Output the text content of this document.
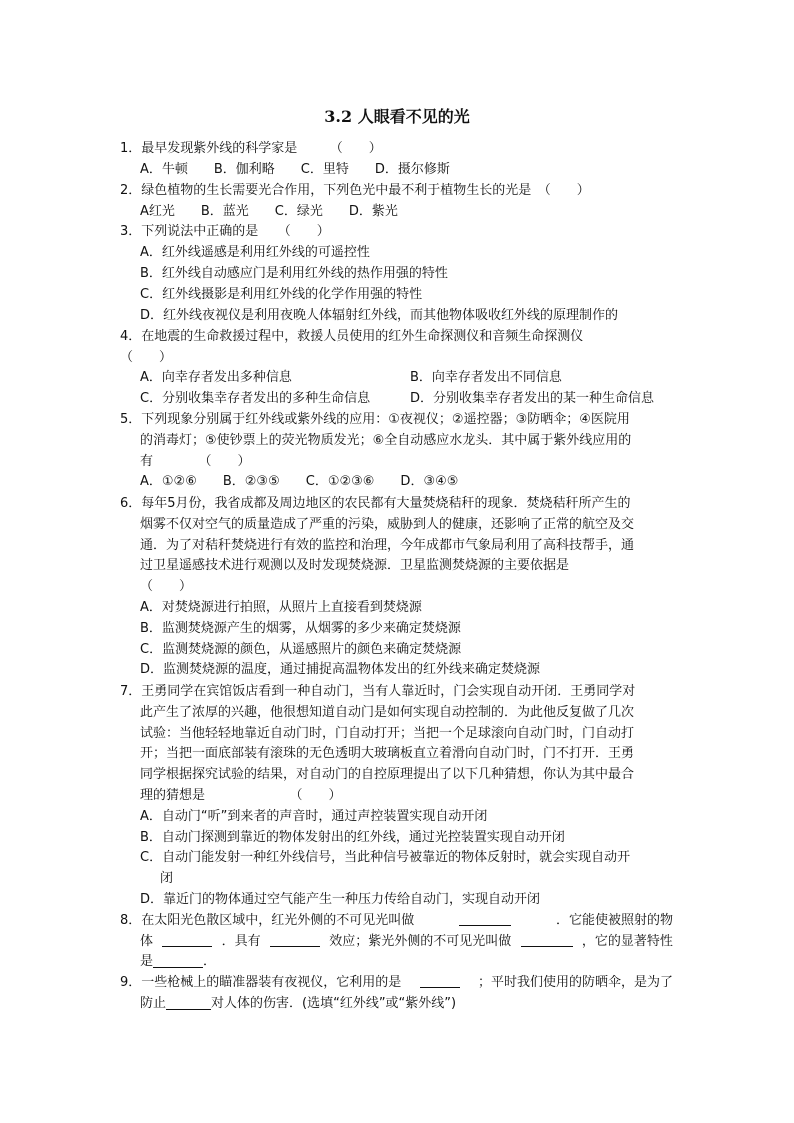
3.2 人眼看不见的光
1．最早发现紫外线的科学家是　　　（　　）
A．牛顿　　B．伽利略　　C．里特　　D．摄尔修斯
2．绿色植物的生长需要光合作用，下列色光中最不利于植物生长的光是　（　　）
A红光　　B．蓝光　　C．绿光　　D．紫光
3．下列说法中正确的是　　（　　）
A．红外线遥感是利用红外线的可遥控性
B．红外线自动感应门是利用红外线的热作用强的特性
C．红外线摄影是利用红外线的化学作用强的特性
D．红外线夜视仪是利用夜晚人体辐射红外线，而其他物体吸收红外线的原理制作的
4．在地震的生命救援过程中，救援人员使用的红外生命探测仪和音频生命探测仪
（　　）
A．向幸存者发出多种信息	B．向幸存者发出不同信息
C．分别收集幸存者发出的多种生命信息	D．分别收集幸存者发出的某一种生命信息
5．下列现象分别属于红外线或紫外线的应用：①夜视仪；②遥控器；③防晒伞；④医院用
的消毒灯；⑤使钞票上的荧光物质发光；⑥全自动感应水龙头．其中属于紫外线应用的
有　　　　（　　）
A．①②⑥　　B．②③⑤　　C．①②③⑥　　D．③④⑤
6．每年5月份，我省成都及周边地区的农民都有大量焚烧秸秆的现象．焚烧秸秆所产生的
烟雾不仅对空气的质量造成了严重的污染，威胁到人的健康，还影响了正常的航空及交
通．为了对秸秆焚烧进行有效的监控和治理，今年成都市气象局利用了高科技帮手，通
过卫星遥感技术进行观测以及时发现焚烧源．卫星监测焚烧源的主要依据是
（　　）
A．对焚烧源进行拍照，从照片上直接看到焚烧源
B．监测焚烧源产生的烟雾，从烟雾的多少来确定焚烧源
C．监测焚烧源的颜色，从遥感照片的颜色来确定焚烧源
D．监测焚烧源的温度，通过捕捉高温物体发出的红外线来确定焚烧源
7．王勇同学在宾馆饭店看到一种自动门，当有人靠近时，门会实现自动开闭．王勇同学对
此产生了浓厚的兴趣，他很想知道自动门是如何实现自动控制的．为此他反复做了几次
试验：当他轻轻地靠近自动门时，门自动打开；当把一个足球滚向自动门时，门自动打
开；当把一面底部装有滚珠的无色透明大玻璃板直立着滑向自动门时，门不打开．王勇
同学根据探究试验的结果，对自动门的自控原理提出了以下几种猜想，你认为其中最合
理的猜想是　　　　　　　（　　）
A．自动门“听”到来者的声音时，通过声控装置实现自动开闭
B．自动门探测到靠近的物体发射出的红外线，通过光控装置实现自动开闭
C．自动门能发射一种红外线信号，当此种信号被靠近的物体反射时，就会实现自动开
闭
D．靠近门的物体通过空气能产生一种压力传给自动门，实现自动开闭
8．在太阳光色散区域中，红光外侧的不可见光叫做	．它能使被照射的物
体	．具有	效应；紫光外侧的不可见光叫做	，它的显著特性
是	．
9．一些枪械上的瞄准器装有夜视仪，它利用的是	；平时我们使用的防晒伞，是为了
防止	对人体的伤害．(选填“红外线”或“紫外线”)
